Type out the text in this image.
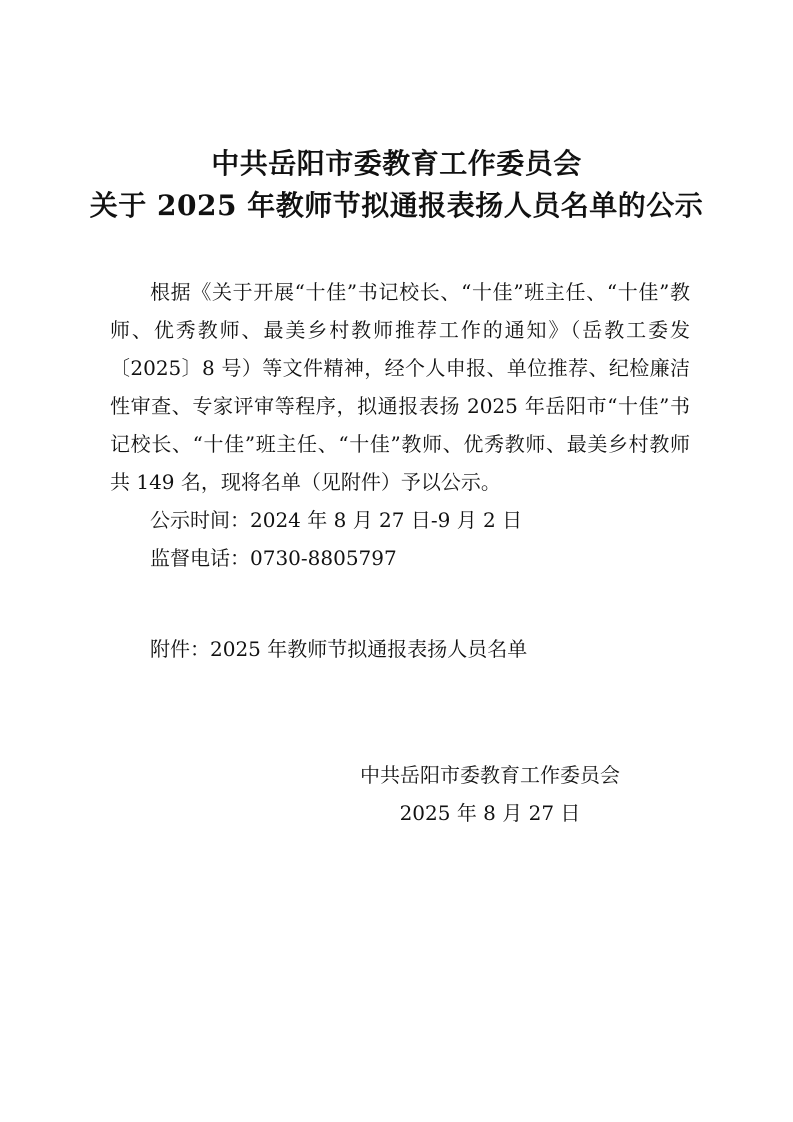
中共岳阳市委教育工作委员会
关于 2025 年教师节拟通报表扬人员名单的公示

根据《关于开展“十佳”书记校长、“十佳”班主任、“十佳”教师、优秀教师、最美乡村教师推荐工作的通知》（岳教工委发〔2025〕8 号）等文件精神，经个人申报、单位推荐、纪检廉洁性审查、专家评审等程序，拟通报表扬 2025 年岳阳市“十佳”书记校长、“十佳”班主任、“十佳”教师、优秀教师、最美乡村教师共 149 名，现将名单（见附件）予以公示。

公示时间：2024 年 8 月 27 日-9 月 2 日

监督电话：0730-8805797

附件：2025 年教师节拟通报表扬人员名单
中共岳阳市委教育工作委员会
2025 年 8 月 27 日
